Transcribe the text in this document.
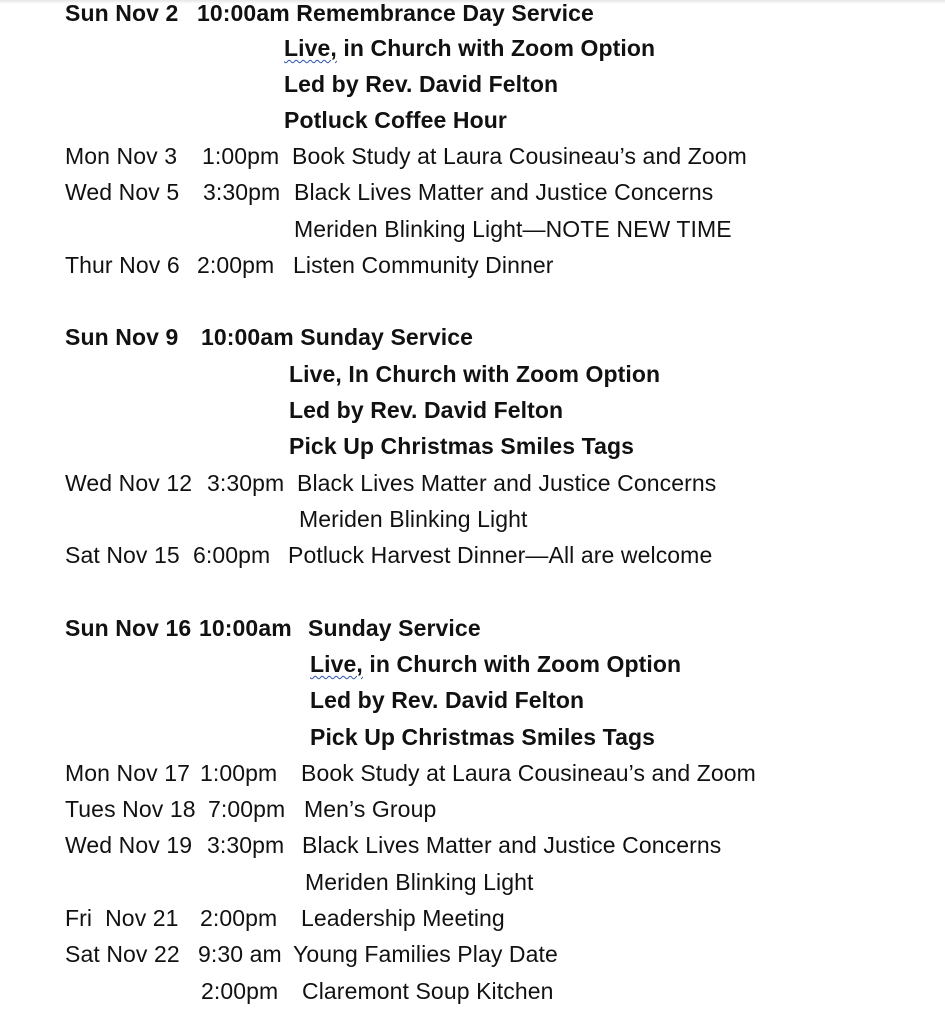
Sun Nov 2 10:00am Remembrance Day Service
Live, in Church with Zoom Option
Led by Rev. David Felton
Potluck Coffee Hour
Mon Nov 3 1:00pm Book Study at Laura Cousineau’s and Zoom
Wed Nov 5 3:30pm Black Lives Matter and Justice Concerns
Meriden Blinking Light—NOTE NEW TIME
Thur Nov 6 2:00pm Listen Community Dinner
Sun Nov 9 10:00am Sunday Service
Live, In Church with Zoom Option
Led by Rev. David Felton
Pick Up Christmas Smiles Tags
Wed Nov 12 3:30pm Black Lives Matter and Justice Concerns
Meriden Blinking Light
Sat Nov 15 6:00pm Potluck Harvest Dinner—All are welcome
Sun Nov 16 10:00am Sunday Service
Live, in Church with Zoom Option
Led by Rev. David Felton
Pick Up Christmas Smiles Tags
Mon Nov 17 1:00pm Book Study at Laura Cousineau’s and Zoom
Tues Nov 18 7:00pm Men’s Group
Wed Nov 19 3:30pm Black Lives Matter and Justice Concerns
Meriden Blinking Light
Fri  Nov 21 2:00pm Leadership Meeting
Sat Nov 22 9:30 am Young Families Play Date
2:00pm Claremont Soup Kitchen
